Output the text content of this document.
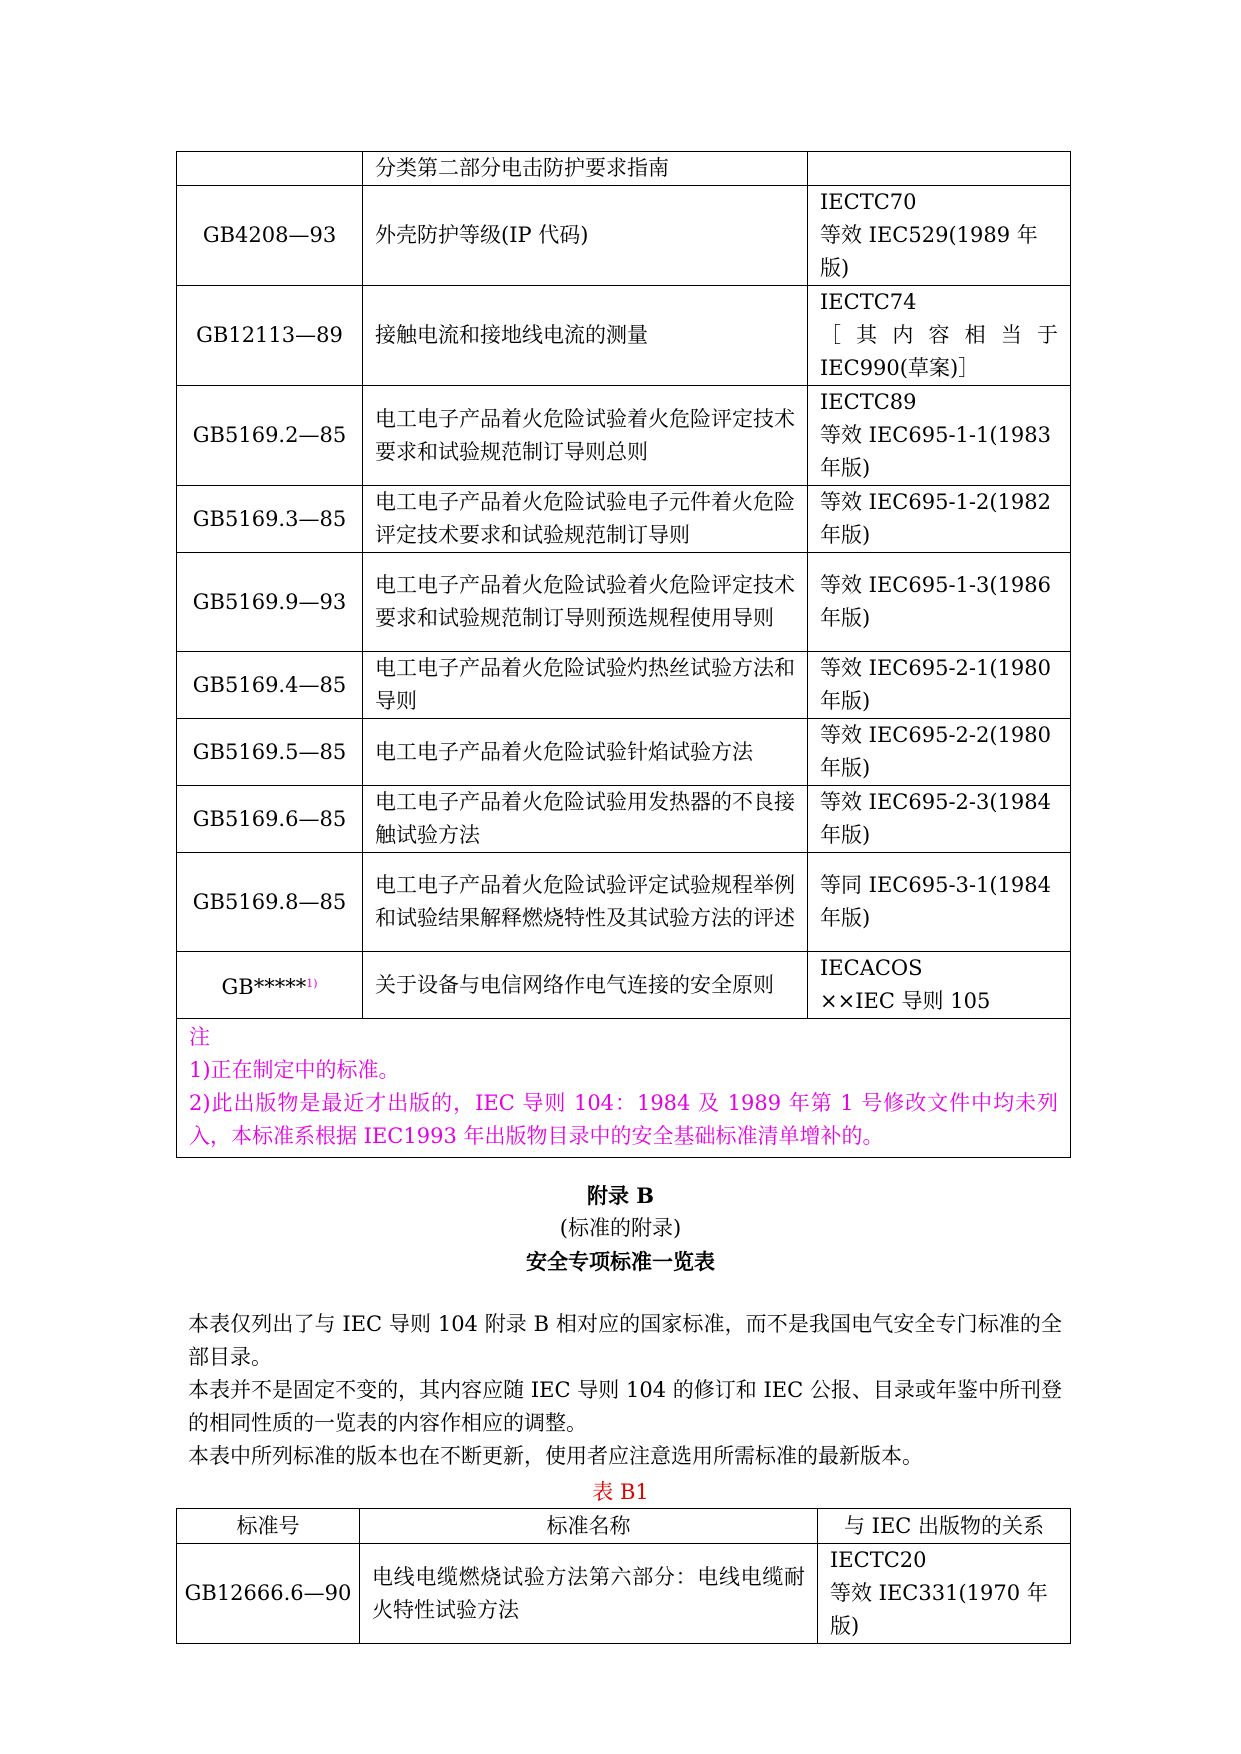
	分类第二部分电击防护要求指南	
GB4208—93	外壳防护等级(IP 代码)	IECTC70
等效 IEC529(1989 年版)
GB12113—89	接触电流和接地线电流的测量	IECTC74
［其内容相当于
IEC990(草案)］

GB5169.2—85	电工电子产品着火危险试验着火危险评定技术要求和试验规范制订导则总则	IECTC89
等效 IEC695-1-1(1983 年版)
GB5169.3—85	电工电子产品着火危险试验电子元件着火危险评定技术要求和试验规范制订导则	等效 IEC695-1-2(1982 年版)
GB5169.9—93	电工电子产品着火危险试验着火危险评定技术要求和试验规范制订导则预选规程使用导则	等效 IEC695-1-3(1986 年版)
GB5169.4—85	电工电子产品着火危险试验灼热丝试验方法和导则	等效 IEC695-2-1(1980 年版)
GB5169.5—85	电工电子产品着火危险试验针焰试验方法	等效 IEC695-2-2(1980 年版)
GB5169.6—85	电工电子产品着火危险试验用发热器的不良接触试验方法	等效 IEC695-2-3(1984 年版)
GB5169.8—85	电工电子产品着火危险试验评定试验规程举例和试验结果解释燃烧特性及其试验方法的评述	等同 IEC695-3-1(1984 年版)
GB*****$^{1)}$	关于设备与电信网络作电气连接的安全原则	IECACOS
××IEC 导则 105

注
1)正在制定中的标准。
2)此出版物是最近才出版的，IEC 导则 104：1984 及 1989 年第 1 号修改文件中均未列入，本标准系根据 IEC1993 年出版物目录中的安全基础标准清单增补的。		
附录 B
(标准的附录)
安全专项标准一览表
本表仅列出了与 IEC 导则 104 附录 B 相对应的国家标准，而不是我国电气安全专门标准的全部目录。
本表并不是固定不变的，其内容应随 IEC 导则 104 的修订和 IEC 公报、目录或年鉴中所刊登的相同性质的一览表的内容作相应的调整。
本表中所列标准的版本也在不断更新，使用者应注意选用所需标准的最新版本。
表 B1
标准号	标准名称	与 IEC 出版物的关系
GB12666.6—90	电线电缆燃烧试验方法第六部分：电线电缆耐火特性试验方法	IECTC20
等效 IEC331(1970 年版)
